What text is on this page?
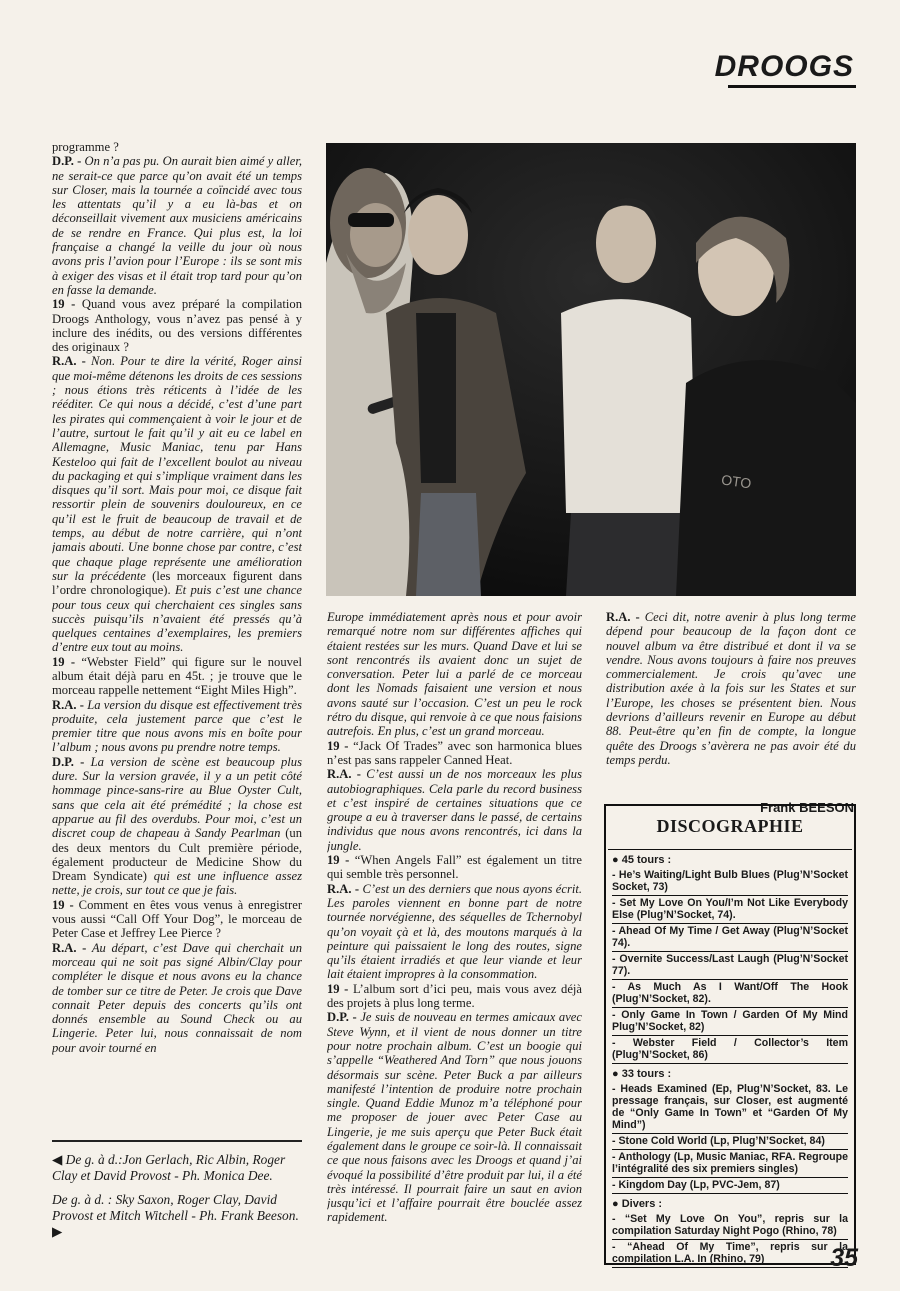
DROOGS

programme ?

D.P. - On n’a pas pu. On aurait bien aimé y aller, ne serait-ce que parce qu’on avait été un temps sur Closer, mais la tournée a coïncidé avec tous les attentats qu’il y a eu là-bas et on déconseillait vivement aux musiciens américains de se rendre en France. Qui plus est, la loi française a changé la veille du jour où nous avons pris l’avion pour l’Europe : ils se sont mis à exiger des visas et il était trop tard pour qu’on en fasse la demande.

19 - Quand vous avez préparé la compilation Droogs Anthology, vous n’avez pas pensé à y inclure des inédits, ou des versions différentes des originaux ?

R.A. - Non. Pour te dire la vérité, Roger ainsi que moi-même détenons les droits de ces sessions ; nous étions très réticents à l’idée de les rééditer. Ce qui nous a décidé, c’est d’une part les pirates qui commençaient à voir le jour et de l’autre, surtout le fait qu’il y ait eu ce label en Allemagne, Music Maniac, tenu par Hans Kesteloo qui fait de l’excellent boulot au niveau du packaging et qui s’implique vraiment dans les disques qu’il sort. Mais pour moi, ce disque fait ressortir plein de souvenirs douloureux, en ce qu’il est le fruit de beaucoup de travail et de temps, au début de notre carrière, qui n’ont jamais abouti. Une bonne chose par contre, c’est que chaque plage représente une amélioration sur la précédente (les morceaux figurent dans l’ordre chronologique). Et puis c’est une chance pour tous ceux qui cherchaient ces singles sans succès puisqu’ils n’avaient été pressés qu’à quelques centaines d’exemplaires, les premiers d’entre eux tout au moins.

19 - “Webster Field” qui figure sur le nouvel album était déjà paru en 45t. ; je trouve que le morceau rappelle nettement “Eight Miles High”.

R.A. - La version du disque est effectivement très produite, cela justement parce que c’est le premier titre que nous avons mis en boîte pour l’album ; nous avons pu prendre notre temps.

D.P. - La version de scène est beaucoup plus dure. Sur la version gravée, il y a un petit côté hommage pince-sans-rire au Blue Oyster Cult, sans que cela ait été prémédité ; la chose est apparue au fil des overdubs. Pour moi, c’est un discret coup de chapeau à Sandy Pearlman (un des deux mentors du Cult première période, également producteur de Medicine Show du Dream Syndicate) qui est une influence assez nette, je crois, sur tout ce que je fais.

19 - Comment en êtes vous venus à enregistrer vous aussi “Call Off Your Dog”, le morceau de Peter Case et Jeffrey Lee Pierce ?

R.A. - Au départ, c’est Dave qui cherchait un morceau qui ne soit pas signé Albin/Clay pour compléter le disque et nous avons eu la chance de tomber sur ce titre de Peter. Je crois que Dave connait Peter depuis des concerts qu’ils ont donnés ensemble au Sound Check ou au Lingerie. Peter lui, nous connaissait de nom pour avoir tourné en

OTO

◀ De g. à d.:Jon Gerlach, Ric Albin, Roger Clay et David Provost - Ph. Monica Dee.

De g. à d. : Sky Saxon, Roger Clay, David Provost et Mitch Witchell - Ph. Frank Beeson. ▶

Europe immédiatement après nous et pour avoir remarqué notre nom sur différentes affiches qui étaient restées sur les murs. Quand Dave et lui se sont rencontrés ils avaient donc un sujet de conversation. Peter lui a parlé de ce morceau dont les Nomads faisaient une version et nous avons sauté sur l’occasion. C’est un peu le rock rétro du disque, qui renvoie à ce que nous faisions autrefois. En plus, c’est un grand morceau.

19 - “Jack Of Trades” avec son harmonica blues n’est pas sans rappeler Canned Heat.

R.A. - C’est aussi un de nos morceaux les plus autobiographiques. Cela parle du record business et c’est inspiré de certaines situations que ce groupe a eu à traverser dans le passé, de certains individus que nous avons rencontrés, ici dans la jungle.

19 - “When Angels Fall” est également un titre qui semble très personnel.

R.A. - C’est un des derniers que nous ayons écrit. Les paroles viennent en bonne part de notre tournée norvégienne, des séquelles de Tchernobyl qu’on voyait çà et là, des moutons marqués à la peinture qui paissaient le long des routes, signe qu’ils étaient irradiés et que leur viande et leur lait étaient impropres à la consommation.

19 - L’album sort d’ici peu, mais vous avez déjà des projets à plus long terme.

D.P. - Je suis de nouveau en termes amicaux avec Steve Wynn, et il vient de nous donner un titre pour notre prochain album. C’est un boogie qui s’appelle “Weathered And Torn” que nous jouons désormais sur scène. Peter Buck a par ailleurs manifesté l’intention de produire notre prochain single. Quand Eddie Munoz m’a téléphoné pour me proposer de jouer avec Peter Case au Lingerie, je me suis aperçu que Peter Buck était également dans le groupe ce soir-là. Il connaissait ce que nous faisons avec les Droogs et quand j’ai évoqué la possibilité d’être produit par lui, il a été très intéressé. Il pourrait faire un saut en avion jusqu’ici et l’affaire pourrait être bouclée assez rapidement.

R.A. - Ceci dit, notre avenir à plus long terme dépend pour beaucoup de la façon dont ce nouvel album va être distribué et dont il va se vendre. Nous avons toujours à faire nos preuves commercialement. Je crois qu’avec une distribution axée à la fois sur les States et sur l’Europe, les choses se présentent bien. Nous devrions d’ailleurs revenir en Europe au début 88. Peut-être qu’en fin de compte, la longue quête des Droogs s’avèrera ne pas avoir été du temps perdu.

Frank BEESON
DISCOGRAPHIE
● 45 tours :
- He’s Waiting/Light Bulb Blues (Plug’N’Socket Socket, 73)
- Set My Love On You/I’m Not Like Everybody Else (Plug’N’Socket, 74).
- Ahead Of My Time / Get Away (Plug’N’Socket 74).
- Overnite Success/Last Laugh (Plug’N’Socket 77).
- As Much As I Want/Off The Hook (Plug’N’Socket, 82).
- Only Game In Town / Garden Of My Mind Plug’N’Socket, 82)
- Webster Field / Collector’s Item (Plug’N’Socket, 86)
● 33 tours :
- Heads Examined (Ep, Plug’N’Socket, 83. Le pressage français, sur Closer, est augmenté de “Only Game In Town” et “Garden Of My Mind”)
- Stone Cold World (Lp, Plug’N’Socket, 84)
- Anthology (Lp, Music Maniac, RFA. Regroupe l’intégralité des six premiers singles)
- Kingdom Day (Lp, PVC-Jem, 87)
● Divers :
- “Set My Love On You”, repris sur la compilation Saturday Night Pogo (Rhino, 78)
- “Ahead Of My Time”, repris sur la compilation L.A. In (Rhino, 79)	35
